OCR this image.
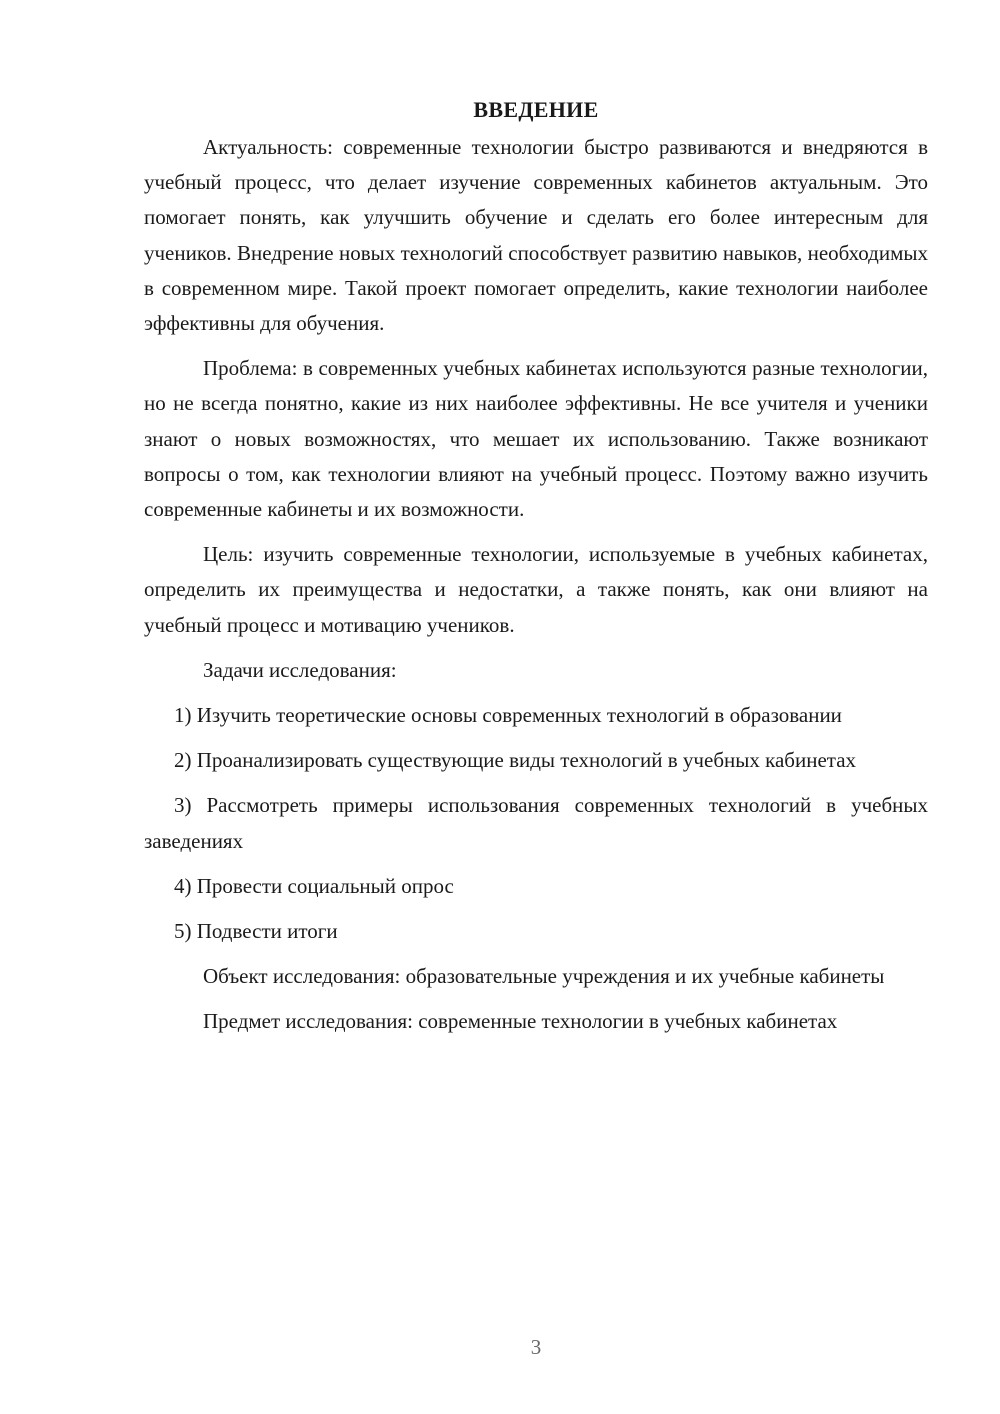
ВВЕДЕНИЕ

Актуальность: современные технологии быстро развиваются и внедряются в учебный процесс, что делает изучение современных кабинетов актуальным. Это помогает понять, как улучшить обучение и сделать его более интересным для учеников. Внедрение новых технологий способствует развитию навыков, необходимых в современном мире. Такой проект помогает определить, какие технологии наиболее эффективны для обучения.

Проблема: в современных учебных кабинетах используются разные технологии, но не всегда понятно, какие из них наиболее эффективны. Не все учителя и ученики знают о новых возможностях, что мешает их использованию. Также возникают вопросы о том, как технологии влияют на учебный процесс. Поэтому важно изучить современные кабинеты и их возможности.

Цель: изучить современные технологии, используемые в учебных кабинетах, определить их преимущества и недостатки, а также понять, как они влияют на учебный процесс и мотивацию учеников.

Задачи исследования:

1) Изучить теоретические основы современных технологий в образовании

2) Проанализировать существующие виды технологий в учебных кабинетах

3) Рассмотреть примеры использования современных технологий в учебных заведениях

4) Провести социальный опрос

5) Подвести итоги

Объект исследования: образовательные учреждения и их учебные кабинеты

Предмет исследования: современные технологии в учебных кабинетах

3
